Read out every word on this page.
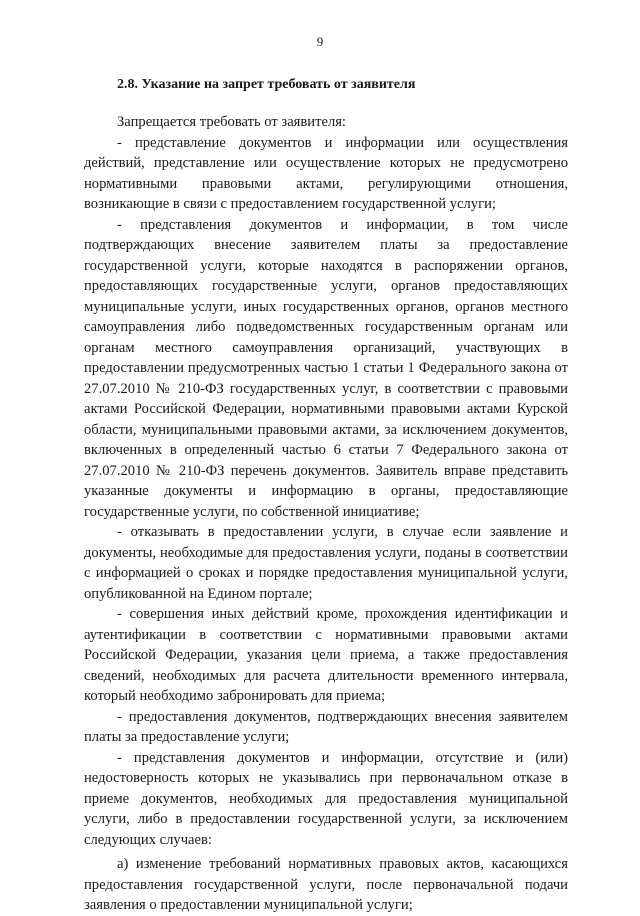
9
2.8. Указание на запрет требовать от заявителя

Запрещается требовать от заявителя:

- представление документов и информации или осуществления действий, представление или осуществление которых не предусмотрено нормативными правовыми актами, регулирующими отношения, возникающие в связи с предоставлением государственной услуги;

- представления документов и информации, в том числе подтверждающих внесение заявителем платы за предоставление государственной услуги, которые находятся в распоряжении органов, предоставляющих государственные услуги, органов предоставляющих муниципальные услуги, иных государственных органов, органов местного самоуправления либо подведомственных государственным органам или органам местного самоуправления организаций, участвующих в предоставлении предусмотренных частью 1 статьи 1 Федерального закона от 27.07.2010 № 210-ФЗ государственных услуг, в соответствии с правовыми актами Российской Федерации, нормативными правовыми актами Курской области, муниципальными правовыми актами, за исключением документов, включенных в определенный частью 6 статьи 7 Федерального закона от 27.07.2010 № 210-ФЗ перечень документов. Заявитель вправе представить указанные документы и информацию в органы, предоставляющие государственные услуги, по собственной инициативе;

- отказывать в предоставлении услуги, в случае если заявление и документы, необходимые для предоставления услуги, поданы в соответствии с информацией о сроках и порядке предоставления муниципальной услуги, опубликованной на Едином портале;

- совершения иных действий кроме, прохождения идентификации и аутентификации в соответствии с нормативными правовыми актами Российской Федерации, указания цели приема, а также предоставления сведений, необходимых для расчета длительности временного интервала, который необходимо забронировать для приема;

- предоставления документов, подтверждающих внесения заявителем платы за предоставление услуги;

- представления документов и информации, отсутствие и (или) недостоверность которых не указывались при первоначальном отказе в приеме документов, необходимых для предоставления муниципальной услуги, либо в предоставлении государственной услуги, за исключением следующих случаев:

а) изменение требований нормативных правовых актов, касающихся предоставления государственной услуги, после первоначальной подачи заявления о предоставлении муниципальной услуги;
